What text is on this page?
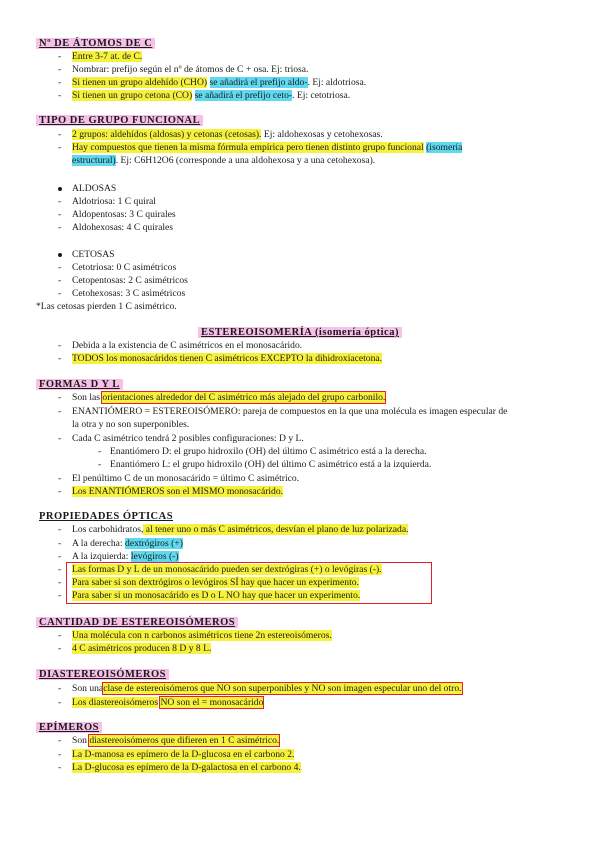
Nº DE ÁTOMOS DE C
- Entre 3-7 at. de C.
- Nombrar: prefijo según el nº de átomos de C + osa. Ej: triosa.
- Si tienen un grupo aldehído (CHO) se añadirá el prefijo aldo-. Ej: aldotriosa.
- Si tienen un grupo cetona (CO) se añadirá el prefijo ceto-. Ej: cetotriosa.
TIPO DE GRUPO FUNCIONAL
- 2 grupos: aldehídos (aldosas) y cetonas (cetosas). Ej: aldohexosas y cetohexosas.
- Hay compuestos que tienen la misma fórmula empírica pero tienen distinto grupo funcional (isomería
estructural). Ej: C6H12O6 (corresponde a una aldohexosa y a una cetohexosa).
ALDOSAS
- Aldotriosa: 1 C quiral
- Aldopentosas: 3 C quirales
- Aldohexosas: 4 C quirales
CETOSAS
- Cetotriosa: 0 C asimétricos
- Cetopentosas: 2 C asimétricos
- Cetohexosas: 3 C asimétricos
*Las cetosas pierden 1 C asimétrico.
ESTEREOISOMERÍA (isomería óptica)
- Debida a la existencia de C asimétricos en el monosacárido.
- TODOS los monosacáridos tienen C asimétricos EXCEPTO la dihidroxiacetona.
FORMAS D Y L
- Son las orientaciones alrededor del C asimétrico más alejado del grupo carbonilo.
- ENANTIÓMERO = ESTEREOISÓMERO: pareja de compuestos en la que una molécula es imagen especular de
la otra y no son superponibles.
- Cada C asimétrico tendrá 2 posibles configuraciones: D y L.
- Enantiómero D: el grupo hidroxilo (OH) del último C asimétrico está a la derecha.
- Enantiómero L: el grupo hidroxilo (OH) del último C asimétrico está a la izquierda.
- El penúltimo C de un monosacárido = último C asimétrico.
- Los ENANTIÓMEROS son el MISMO monosacárido.
PROPIEDADES ÓPTICAS
- Los carbohidratos, al tener uno o más C asimétricos, desvían el plano de luz polarizada.
- A la derecha: dextrógiros (+)
- A la izquierda: levógiros (-)
- Las formas D y L de un monosacárido pueden ser dextrógiras (+) o levógiras (-).
- Para saber si son dextrógiros o levógiros SÍ hay que hacer un experimento.
- Para saber si un monosacárido es D o L NO hay que hacer un experimento.
CANTIDAD DE ESTEREOISÓMEROS
- Una molécula con n carbonos asimétricos tiene 2n estereoisómeros.
- 4 C asimétricos producen 8 D y 8 L.
DIASTEREOISÓMEROS
- Son unaclase de estereoisómeros que NO son superponibles y NO son imagen especular uno del otro.
- Los diastereoisómeros NO son el = monosacárido
EPÍMEROS
- Son diastereoisómeros que difieren en 1 C asimétrico.
- La D-manosa es epímero de la D-glucosa en el carbono 2.
- La D-glucosa es epímero de la D-galactosa en el carbono 4.
